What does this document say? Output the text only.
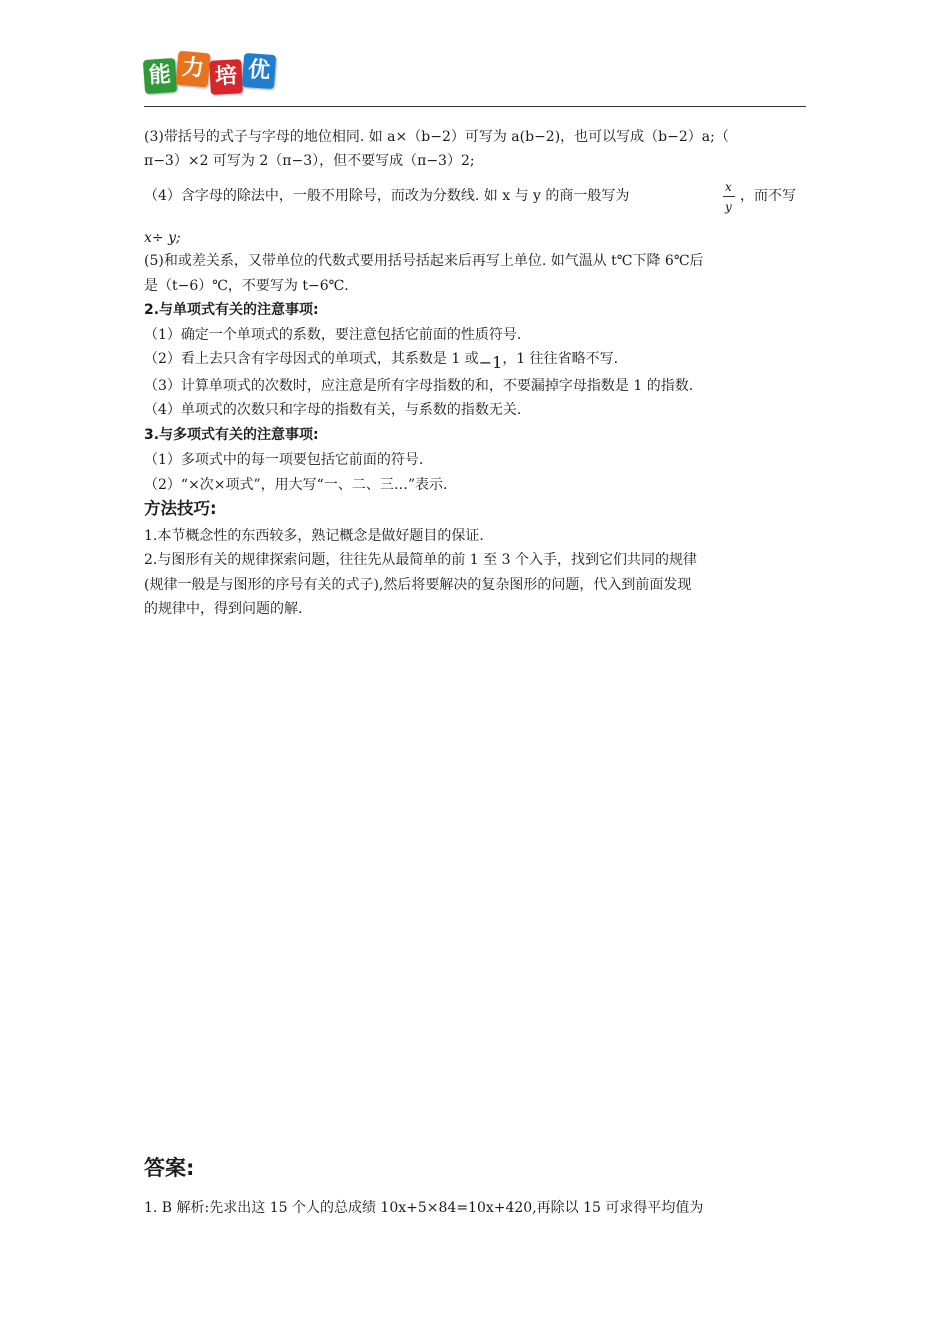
能 力 培 优
(3)带括号的式子与字母的地位相同. 如 a×（b−2）可写为 a(b−2)，也可以写成（b−2）a;（
π−3）×2 可写为 2（π−3），但不要写成（π−3）2;
（4）含字母的除法中，一般不用除号，而改为分数线. 如 x 与 y 的商一般写为
x
y
，而不写
x÷ y;
(5)和或差关系，又带单位的代数式要用括号括起来后再写上单位. 如气温从 t℃下降 6℃后
是（t−6）℃，不要写为 t−6℃.
2.与单项式有关的注意事项:
（1）确定一个单项式的系数，要注意包括它前面的性质符号.
（2）看上去只含有字母因式的单项式，其系数是 1 或−1，1 往往省略不写.
（3）计算单项式的次数时，应注意是所有字母指数的和，不要漏掉字母指数是 1 的指数.
（4）单项式的次数只和字母的指数有关，与系数的指数无关.
3.与多项式有关的注意事项:
（1）多项式中的每一项要包括它前面的符号.
（2）“×次×项式”，用大写“一、二、三…”表示.
方法技巧:
1.本节概念性的东西较多，熟记概念是做好题目的保证.
2.与图形有关的规律探索问题，往往先从最简单的前 1 至 3 个入手，找到它们共同的规律
(规律一般是与图形的序号有关的式子),然后将要解决的复杂图形的问题，代入到前面发现
的规律中，得到问题的解.
答案:
1. B 解析:先求出这 15 个人的总成绩 10x+5×84=10x+420,再除以 15 可求得平均值为
